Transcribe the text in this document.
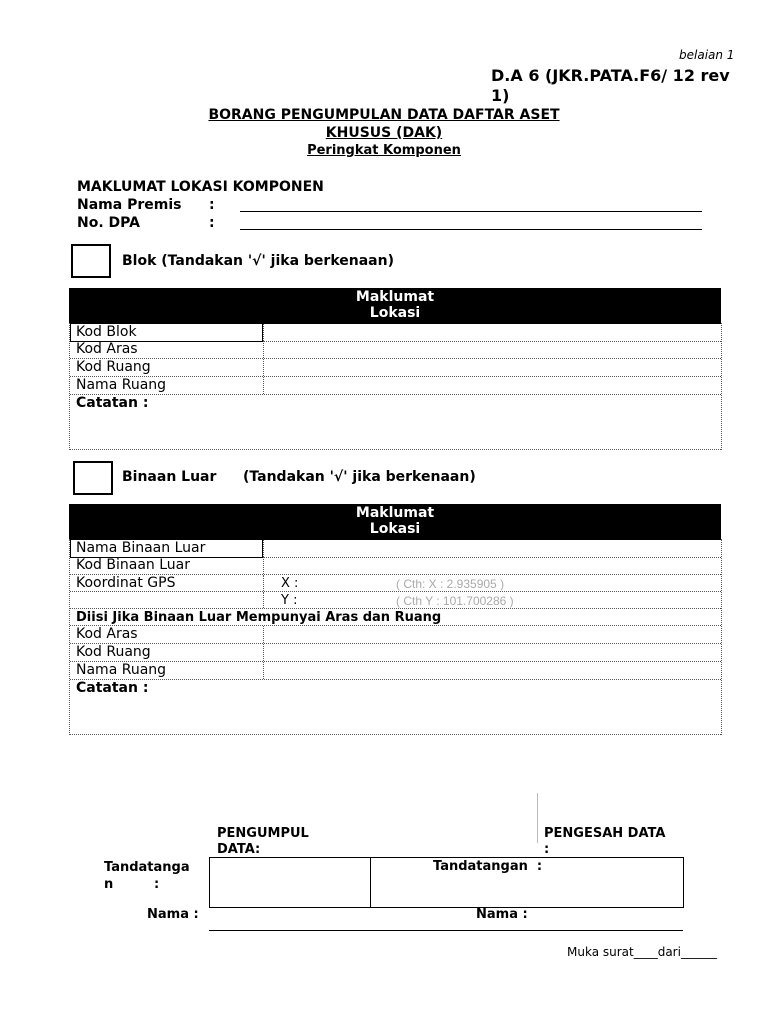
belaian 1
D.A 6 (JKR.PATA.F6/ 12 rev 1)
BORANG PENGUMPULAN DATA DAFTAR ASET
KHUSUS (DAK)
Peringkat Komponen
MAKLUMAT LOKASI KOMPONEN
Nama Premis :
No. DPA	:
Blok (Tandakan '√' jika berkenaan)
Maklumat
Lokasi
Kod Blok
Kod Aras
Kod Ruang
Nama Ruang
Catatan :
Binaan Luar (Tandakan '√' jika berkenaan)
Maklumat
Lokasi
Nama Binaan Luar
Kod Binaan Luar
Koordinat GPS	X :	( Cth: X : 2.935905 )
Y :	( Cth Y : 101.700286 )
Diisi Jika Binaan Luar Mempunyai Aras dan Ruang
Kod Aras
Kod Ruang
Nama Ruang
Catatan :
PENGUMPUL
DATA:
PENGESAH DATA
:
Tandatanga
n         :
Tandatangan  :
Nama :	Nama :
Muka surat____dari______
